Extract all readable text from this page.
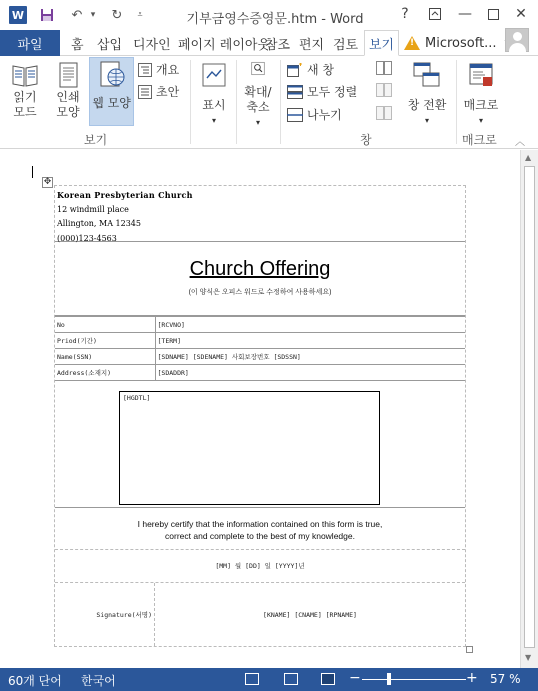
W	↶ ▾ ↻	⩡	기부금영수증영문.htm - Word	?	—	✕
파일	홈 삽입 디자인 페이지 레이아웃
참조 편지 검토 보기 !	Microsoft...
읽기
모드
인쇄
모양
웹 모양
개요
초안
보기
표시
▾
확대/
축소
▾
새 창
모두 정렬
나누기
창 전환
▾
창
매크로
▾
매크로 ︿
✥
Korean Presbyterian Church
12 windmill place
Allington, MA 12345
(000)123-4563
Church Offering
(이 양식은 오피스 워드로 수정하여 사용하세요)
No	[RCVNO]
Priod(기간)	[TERM]
Name(SSN)	[SDNAME] [SDENAME] 사회보장번호 [SDSSN]
Address(소재지)	[SDADDR]
[HGDTL]
I hereby certify that the information contained on this form is true,
correct and complete to the best of my knowledge.
[MM] 월 [DD] 일 [YYYY]년
Signature(서명)	[KNAME] [CNAME] [RPNAME]
▲
▼
60개 단어 한국어	−	+ 57 %
